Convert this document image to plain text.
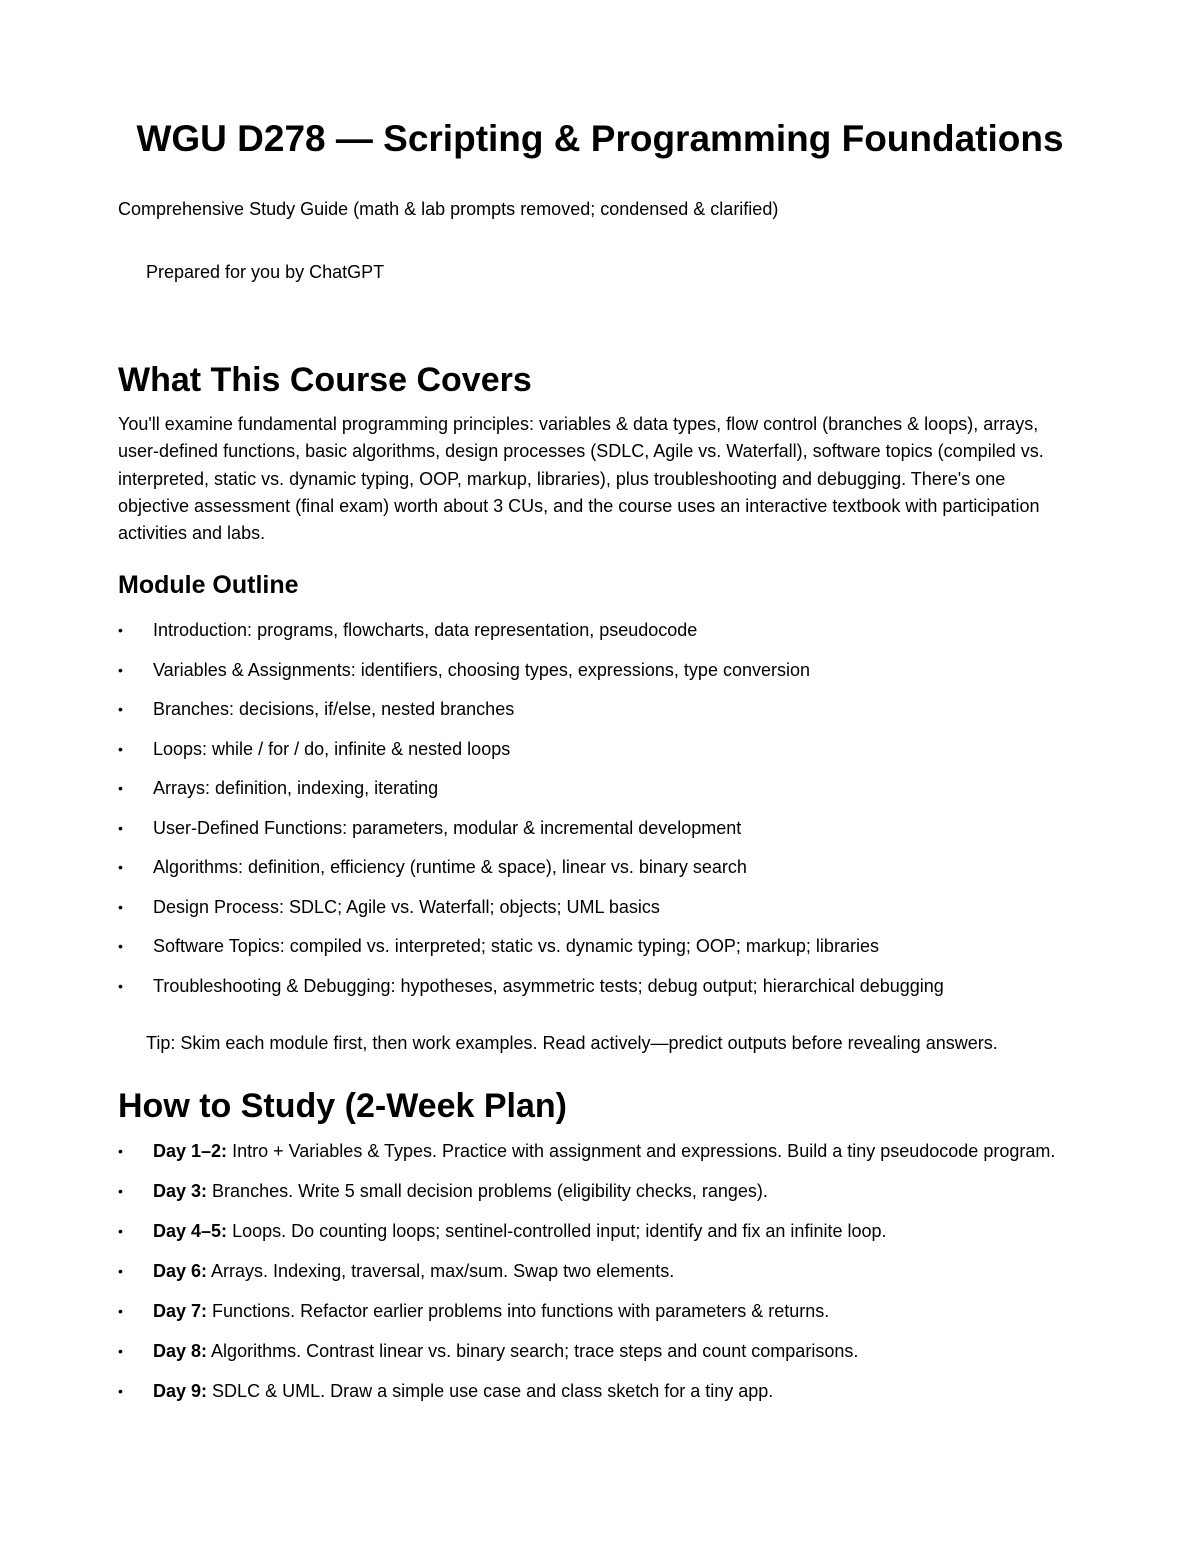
WGU D278 — Scripting & Programming Foundations

Comprehensive Study Guide (math & lab prompts removed; condensed & clarified)

Prepared for you by ChatGPT

What This Course Covers

You'll examine fundamental programming principles: variables & data types, flow control (branches & loops), arrays, user-defined functions, basic algorithms, design processes (SDLC, Agile vs. Waterfall), software topics (compiled vs. interpreted, static vs. dynamic typing, OOP, markup, libraries), plus troubleshooting and debugging. There's one objective assessment (final exam) worth about 3 CUs, and the course uses an interactive textbook with participation activities and labs.

Module Outline
• Introduction: programs, flowcharts, data representation, pseudocode
• Variables & Assignments: identifiers, choosing types, expressions, type conversion
• Branches: decisions, if/else, nested branches
• Loops: while / for / do, infinite & nested loops
• Arrays: definition, indexing, iterating
• User-Defined Functions: parameters, modular & incremental development
• Algorithms: definition, efficiency (runtime & space), linear vs. binary search
• Design Process: SDLC; Agile vs. Waterfall; objects; UML basics
• Software Topics: compiled vs. interpreted; static vs. dynamic typing; OOP; markup; libraries
• Troubleshooting & Debugging: hypotheses, asymmetric tests; debug output; hierarchical debugging

Tip: Skim each module first, then work examples. Read actively—predict outputs before revealing answers.

How to Study (2-Week Plan)
• Day 1–2: Intro + Variables & Types. Practice with assignment and expressions. Build a tiny pseudocode program.
• Day 3: Branches. Write 5 small decision problems (eligibility checks, ranges).
• Day 4–5: Loops. Do counting loops; sentinel-controlled input; identify and fix an infinite loop.
• Day 6: Arrays. Indexing, traversal, max/sum. Swap two elements.
• Day 7: Functions. Refactor earlier problems into functions with parameters & returns.
• Day 8: Algorithms. Contrast linear vs. binary search; trace steps and count comparisons.
• Day 9: SDLC & UML. Draw a simple use case and class sketch for a tiny app.
